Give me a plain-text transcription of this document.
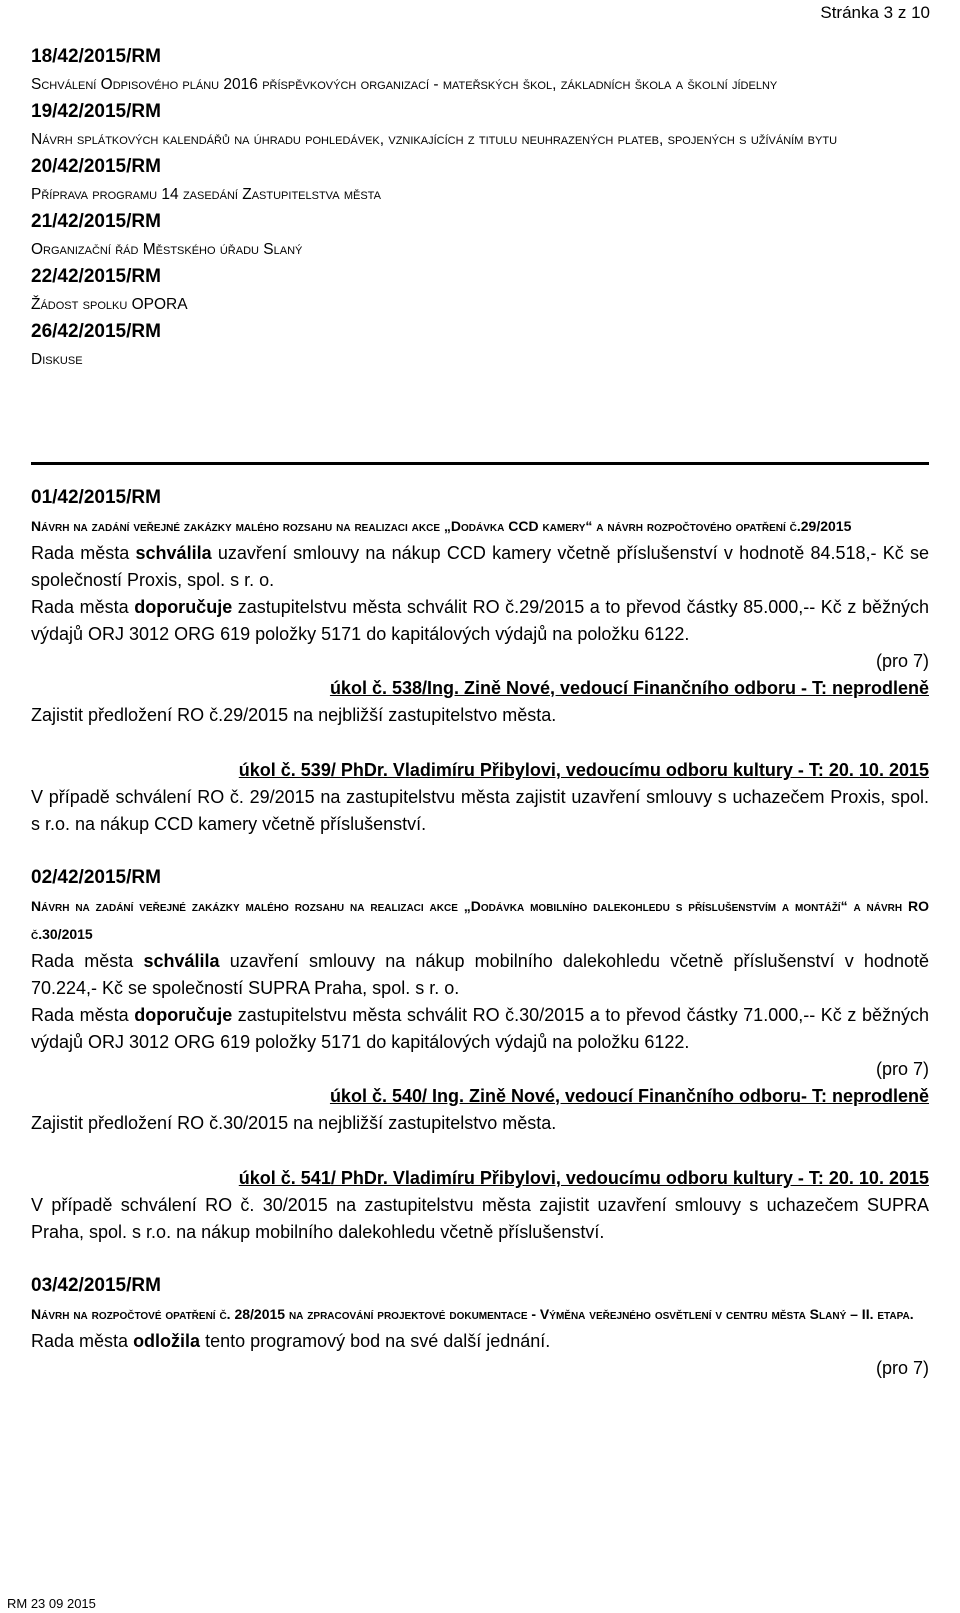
Stránka 3 z 10
18/42/2015/RM
Schválení Odpisového plánu 2016 příspěvkových organizací - mateřských škol, základních škola a školní jídelny
19/42/2015/RM
Návrh splátkových kalendářů na úhradu pohledávek, vznikajících z titulu neuhrazených plateb, spojených s užíváním bytu
20/42/2015/RM
Příprava programu 14 zasedání Zastupitelstva města
21/42/2015/RM
Organizační řád Městského úřadu Slaný
22/42/2015/RM
Žádost spolku OPORA
26/42/2015/RM
Diskuse
01/42/2015/RM
Návrh na zadání veřejné zakázky malého rozsahu na realizaci akce „Dodávka CCD kamery“ a návrh rozpočtového opatření č.29/2015
Rada města schválila uzavření smlouvy na nákup CCD kamery včetně příslušenství v hodnotě 84.518,- Kč se společností Proxis, spol. s r. o.
Rada města doporučuje zastupitelstvu města schválit RO č.29/2015 a to převod částky 85.000,-- Kč z běžných výdajů ORJ 3012 ORG 619 položky 5171 do kapitálových výdajů na položku 6122.
(pro 7)
úkol č. 538/Ing. Zině Nové, vedoucí Finančního odboru - T: neprodleně
Zajistit předložení RO č.29/2015 na nejbližší zastupitelstvo města.
úkol č. 539/ PhDr. Vladimíru Přibylovi, vedoucímu odboru kultury - T: 20. 10. 2015
V případě schválení RO č. 29/2015 na zastupitelstvu města zajistit uzavření smlouvy s uchazečem Proxis, spol. s r.o. na nákup CCD kamery včetně příslušenství.
02/42/2015/RM
Návrh na zadání veřejné zakázky malého rozsahu na realizaci akce „Dodávka mobilního dalekohledu s příslušenstvím a montáží“ a návrh RO č.30/2015
Rada města schválila uzavření smlouvy na nákup mobilního dalekohledu včetně příslušenství v hodnotě 70.224,- Kč se společností SUPRA Praha, spol. s r. o.
Rada města doporučuje zastupitelstvu města schválit RO č.30/2015 a to převod částky 71.000,-- Kč z běžných výdajů ORJ 3012 ORG 619 položky 5171 do kapitálových výdajů na položku 6122.
(pro 7)
úkol č. 540/ Ing. Zině Nové, vedoucí Finančního odboru- T: neprodleně
Zajistit předložení RO č.30/2015 na nejbližší zastupitelstvo města.
úkol č. 541/ PhDr. Vladimíru Přibylovi, vedoucímu odboru kultury - T: 20. 10. 2015
V případě schválení RO č. 30/2015 na zastupitelstvu města zajistit uzavření smlouvy s uchazečem SUPRA Praha, spol. s r.o. na nákup mobilního dalekohledu včetně příslušenství.
03/42/2015/RM
Návrh na rozpočtové opatření č. 28/2015 na zpracování projektové dokumentace - Výměna veřejného osvětlení v centru města Slaný – II. etapa.
Rada města odložila tento programový bod na své další jednání.
(pro 7)
RM 23 09 2015
